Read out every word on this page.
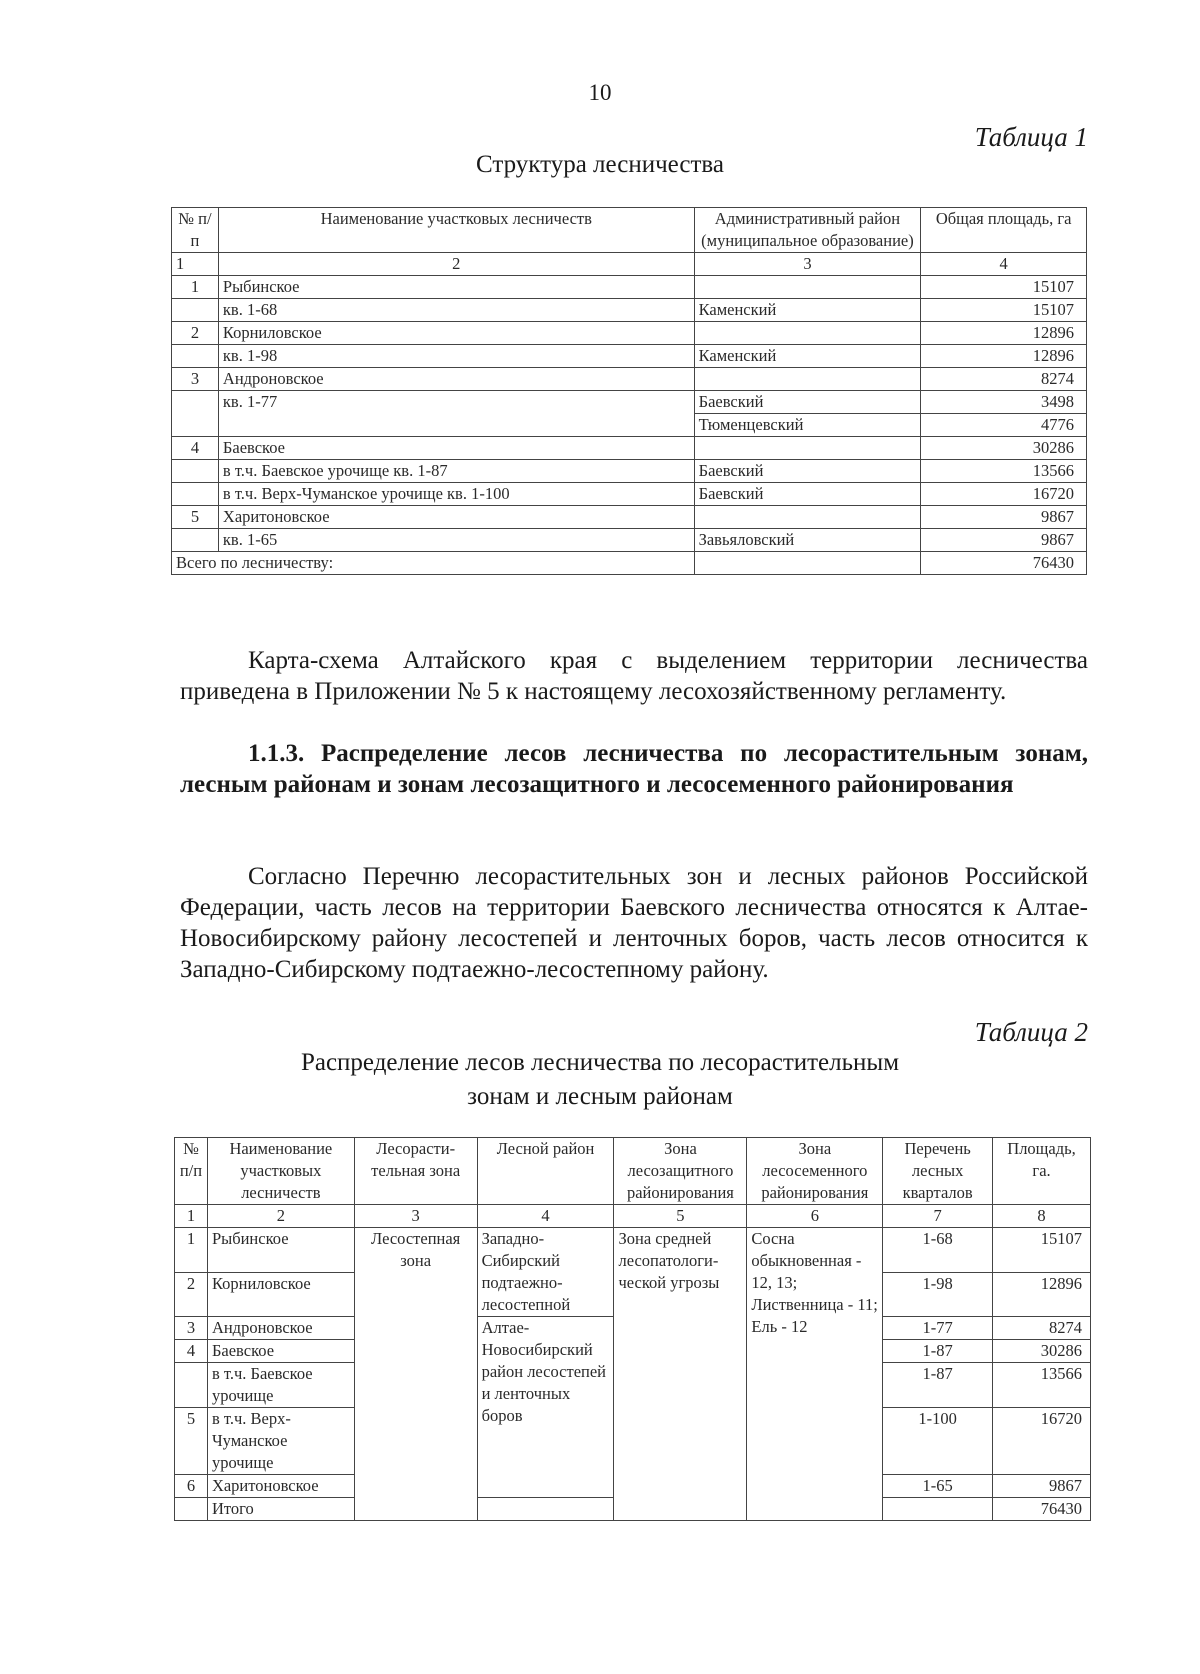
10
Таблица 1
Структура лесничества
№ п/п	Наименование участковых лесничеств	Административный район (муниципальное образование)	Общая площадь, га
1	2	3	4
1	Рыбинское		15107
	кв. 1-68	Каменский	15107
2	Корниловское		12896
	кв. 1-98	Каменский	12896
3	Андроновское		8274
	кв. 1-77	Баевский	3498
		Тюменцевский	4776
4	Баевское		30286
	в т.ч. Баевское урочище кв. 1-87	Баевский	13566
	в т.ч. Верх-Чуманское урочище кв. 1-100	Баевский	16720
5	Харитоновское		9867
	кв. 1-65	Завьяловский	9867
Всего по лесничеству:			76430
Карта-схема Алтайского края с выделением территории лесничества приведена в Приложении № 5 к настоящему лесохозяйственному регламенту.
1.1.3. Распределение лесов лесничества по лесорастительным зонам, лесным районам и зонам лесозащитного и лесосеменного районирования
Согласно Перечню лесорастительных зон и лесных районов Российской Федерации, часть лесов на территории Баевского лесничества относятся к Алтае-Новосибирскому району лесостепей и ленточных боров, часть лесов относится к Западно-Сибирскому подтаежно-лесостепному району.
Таблица 2
Распределение лесов лесничества по лесорастительным
зонам и лесным районам
№ п/п	Наименование участковых лесничеств	Лесорасти-тельная зона	Лесной район	Зона лесозащитного районирования	Зона лесосеменного районирования	Перечень лесных кварталов	Площадь, га.
1	2	3	4	5	6	7	8
1	Рыбинское	Лесостепная зона	Западно-Сибирский подтаежно-лесостепной	Зона средней лесопатологи-ческой угрозы	Сосна обыкновенная - 12, 13; Лиственница - 11; Ель - 12	1-68	15107
2	Корниловское					1-98	12896
3	Андроновское		Алтае-Новосибирский район лесостепей и ленточных боров			1-77	8274
4	Баевское					1-87	30286
	в т.ч. Баевское урочище					1-87	13566
5	в т.ч. Верх-Чуманское урочище					1-100	16720
6	Харитоновское					1-65	9867
	Итого						76430
